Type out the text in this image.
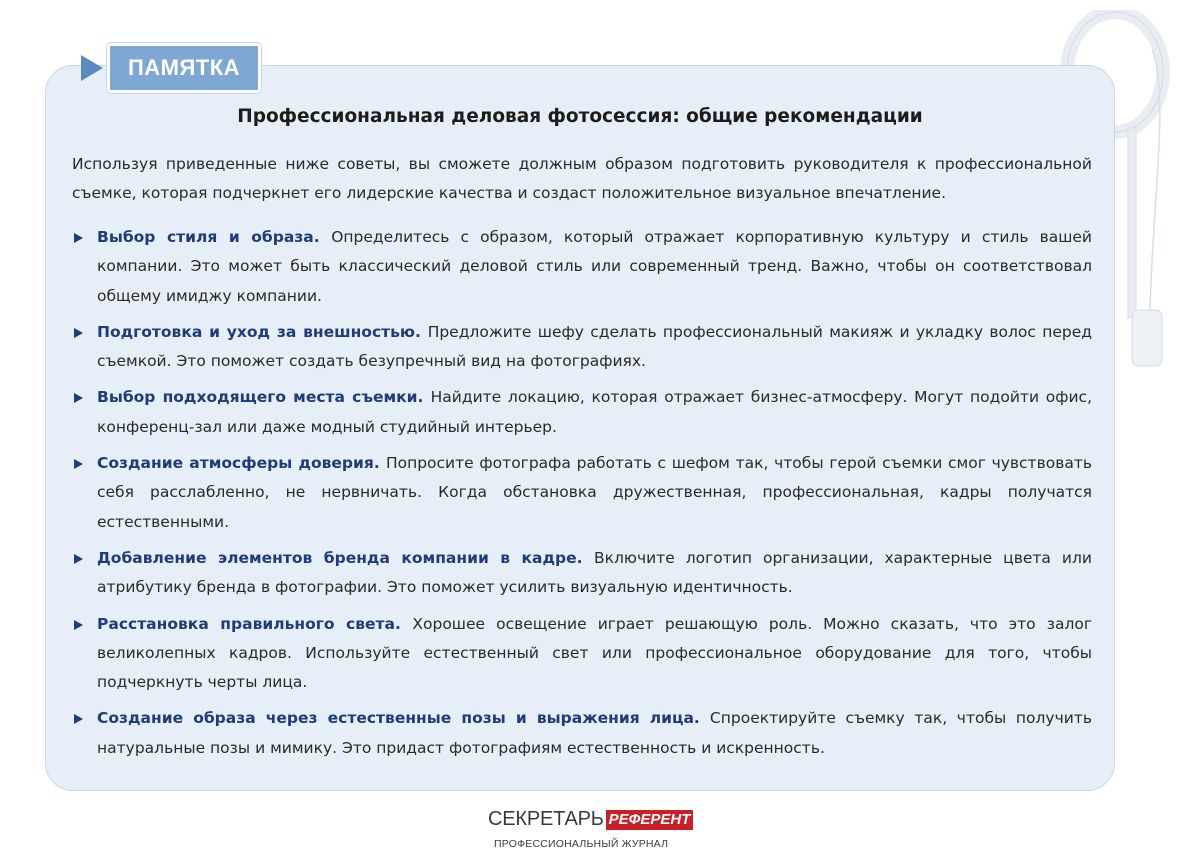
ПАМЯТКА
Профессиональная деловая фотосессия: общие рекомендации

Используя приведенные ниже советы, вы сможете должным образом подготовить руководителя к профессиональной съемке, которая подчеркнет его лидерские качества и создаст положительное визуальное впечатление.

Выбор стиля и образа. Определитесь с образом, который отражает корпоративную культуру и стиль вашей компании. Это может быть классический деловой стиль или современный тренд. Важно, чтобы он соответствовал общему имиджу компании.
Подготовка и уход за внешностью. Предложите шефу сделать профессиональный макияж и укладку волос перед съемкой. Это поможет создать безупречный вид на фотографиях.
Выбор подходящего места съемки. Найдите локацию, которая отражает бизнес-атмосферу. Могут подойти офис, конференц-зал или даже модный студийный интерьер.
Создание атмосферы доверия. Попросите фотографа работать с шефом так, чтобы герой съемки смог чувствовать себя расслабленно, не нервничать. Когда обстановка дружественная, профессиональная, кадры получатся естественными.
Добавление элементов бренда компании в кадре. Включите логотип организации, характерные цвета или атрибутику бренда в фотографии. Это поможет усилить визуальную идентичность.
Расстановка правильного света. Хорошее освещение играет решающую роль. Можно сказать, что это залог великолепных кадров. Используйте естественный свет или профессиональное оборудование для того, чтобы подчеркнуть черты лица.
Создание образа через естественные позы и выражения лица. Спроектируйте съемку так, чтобы получить натуральные позы и мимику. Это придаст фотографиям естественность и искренность.
СЕКРЕТАРЬ РЕФЕРЕНТ
ПРОФЕССИОНАЛЬНЫЙ ЖУРНАЛ
